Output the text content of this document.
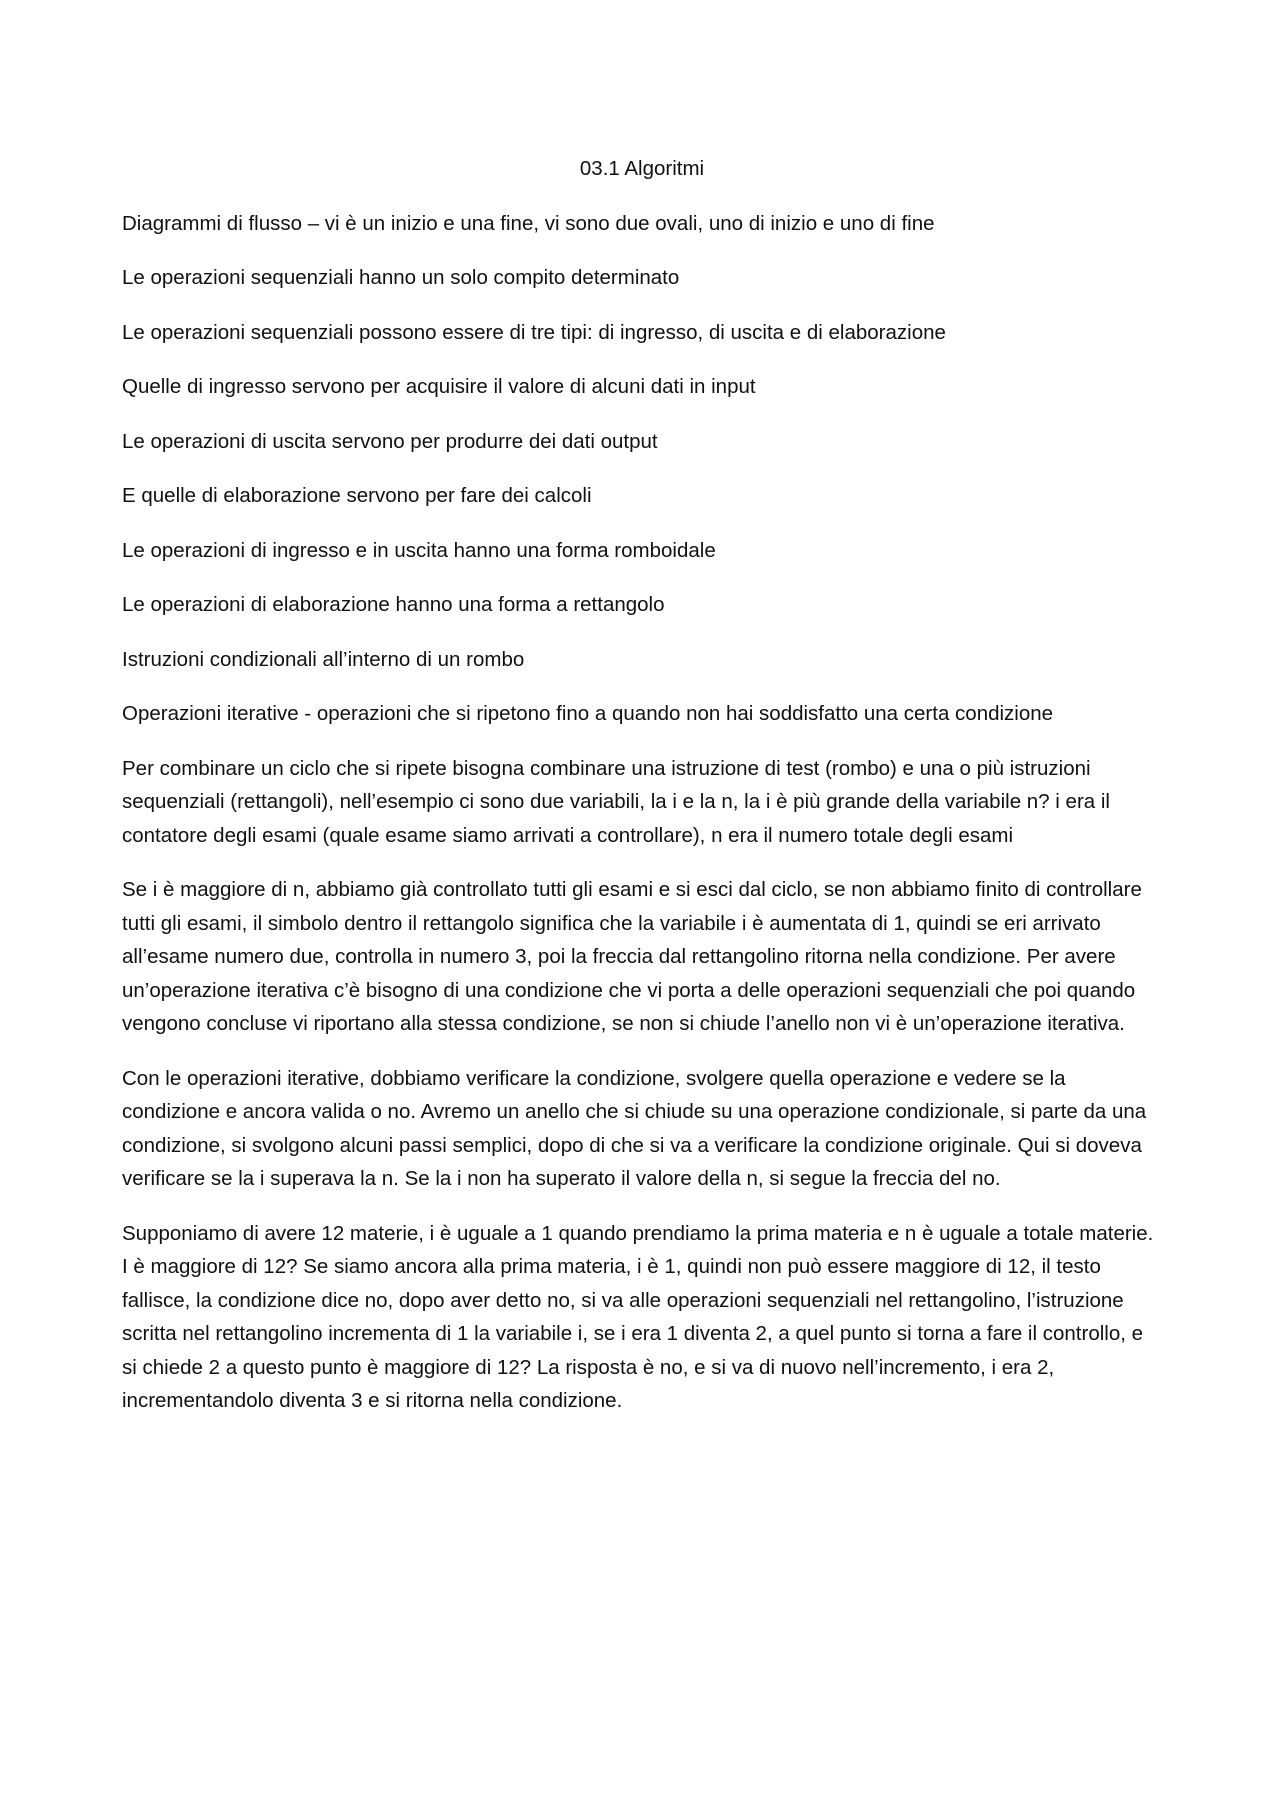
03.1 Algoritmi

Diagrammi di flusso – vi è un inizio e una fine, vi sono due ovali, uno di inizio e uno di fine

Le operazioni sequenziali hanno un solo compito determinato

Le operazioni sequenziali possono essere di tre tipi: di ingresso, di uscita e di elaborazione

Quelle di ingresso servono per acquisire il valore di alcuni dati in input

Le operazioni di uscita servono per produrre dei dati output

E quelle di elaborazione servono per fare dei calcoli

Le operazioni di ingresso e in uscita hanno una forma romboidale

Le operazioni di elaborazione hanno una forma a rettangolo

Istruzioni condizionali all’interno di un rombo

Operazioni iterative - operazioni che si ripetono fino a quando non hai soddisfatto una certa condizione

Per combinare un ciclo che si ripete bisogna combinare una istruzione di test (rombo) e una o più istruzioni sequenziali (rettangoli), nell’esempio ci sono due variabili, la i e la n, la i è più grande della variabile n? i era il contatore degli esami (quale esame siamo arrivati a controllare), n era il numero totale degli esami

Se i è maggiore di n, abbiamo già controllato tutti gli esami e si esci dal ciclo, se non abbiamo finito di controllare tutti gli esami, il simbolo dentro il rettangolo significa che la variabile i è aumentata di 1, quindi se eri arrivato all’esame numero due, controlla in numero 3, poi la freccia dal rettangolino ritorna nella condizione. Per avere un’operazione iterativa c’è bisogno di una condizione che vi porta a delle operazioni sequenziali che poi quando vengono concluse vi riportano alla stessa condizione, se non si chiude l’anello non vi è un’operazione iterativa.

Con le operazioni iterative, dobbiamo verificare la condizione, svolgere quella operazione e vedere se la condizione e ancora valida o no. Avremo un anello che si chiude su una operazione condizionale, si parte da una condizione, si svolgono alcuni passi semplici, dopo di che si va a verificare la condizione originale. Qui si doveva verificare se la i superava la n. Se la i non ha superato il valore della n, si segue la freccia del no.

Supponiamo di avere 12 materie, i è uguale a 1 quando prendiamo la prima materia e n è uguale a totale materie. I è maggiore di 12? Se siamo ancora alla prima materia, i è 1, quindi non può essere maggiore di 12, il testo fallisce, la condizione dice no, dopo aver detto no, si va alle operazioni sequenziali nel rettangolino, l’istruzione scritta nel rettangolino incrementa di 1 la variabile i, se i era 1 diventa 2, a quel punto si torna a fare il controllo, e si chiede 2 a questo punto è maggiore di 12? La risposta è no, e si va di nuovo nell’incremento, i era 2, incrementandolo diventa 3 e si ritorna nella condizione.
